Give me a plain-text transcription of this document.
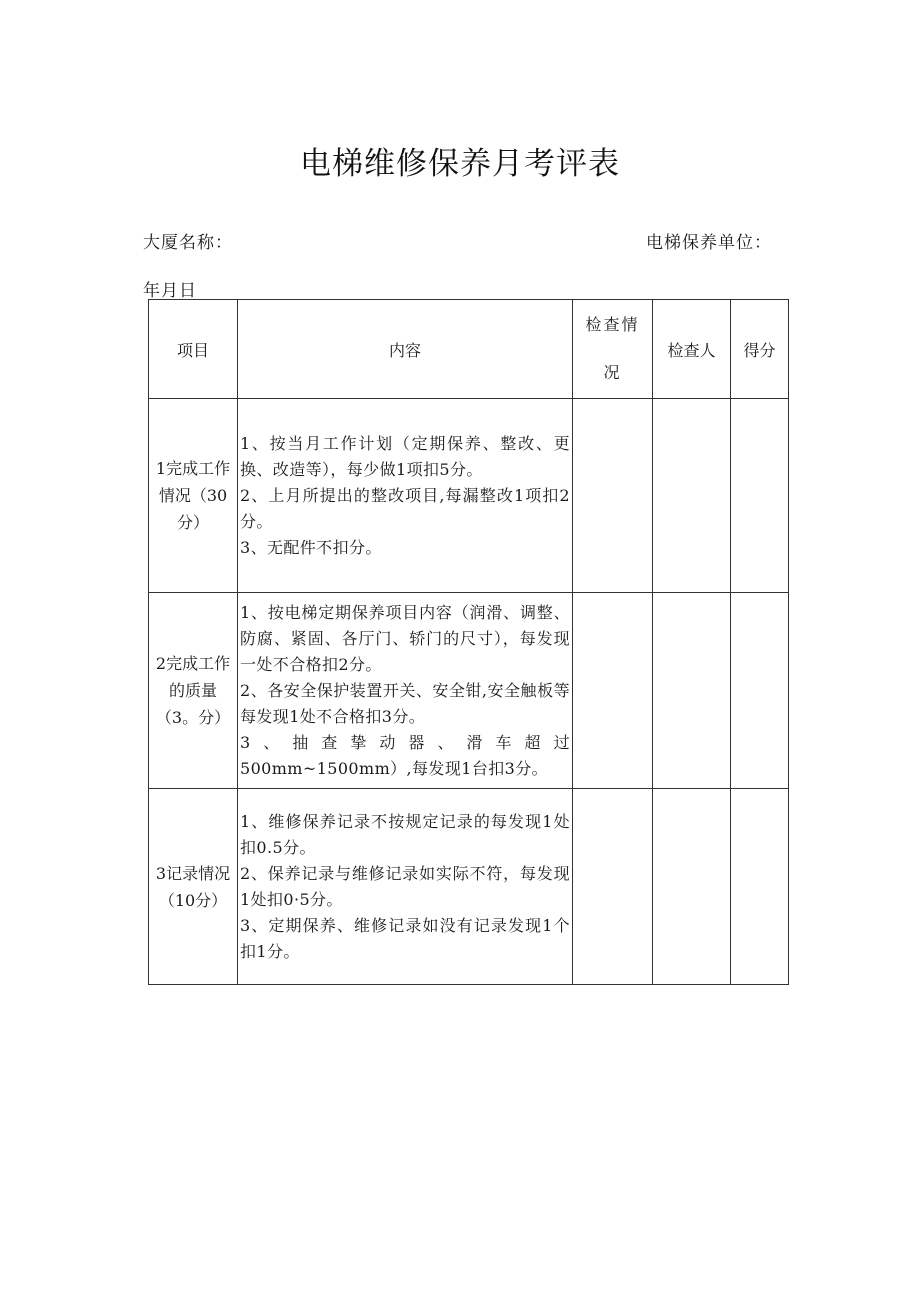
电梯维修保养月考评表
大厦名称：	电梯保养单位：
年月日
项目	内容	检查情况	检查人	得分
1完成工作情况（30分）	1、按当月工作计划（定期保养、整改、更换、改造等），每少做1项扣5分。
2、上月所提出的整改项目,每漏整改1项扣2分。
3、无配件不扣分。			

2完成工作的质量（3。分）	1、按电梯定期保养项目内容（润滑、调整、防腐、紧固、各厅门、轿门的尺寸），每发现一处不合格扣2分。
2、各安全保护装置开关、安全钳,安全触板等每发现1处不合格扣3分。
3、抽查挚动器、滑车超过500mm~1500mm）,每发现1台扣3分。			

3记录情况（10分）	1、维修保养记录不按规定记录的每发现1处扣0.5分。
2、保养记录与维修记录如实际不符，每发现1处扣0·5分。
3、定期保养、维修记录如没有记录发现1个扣1分。			
